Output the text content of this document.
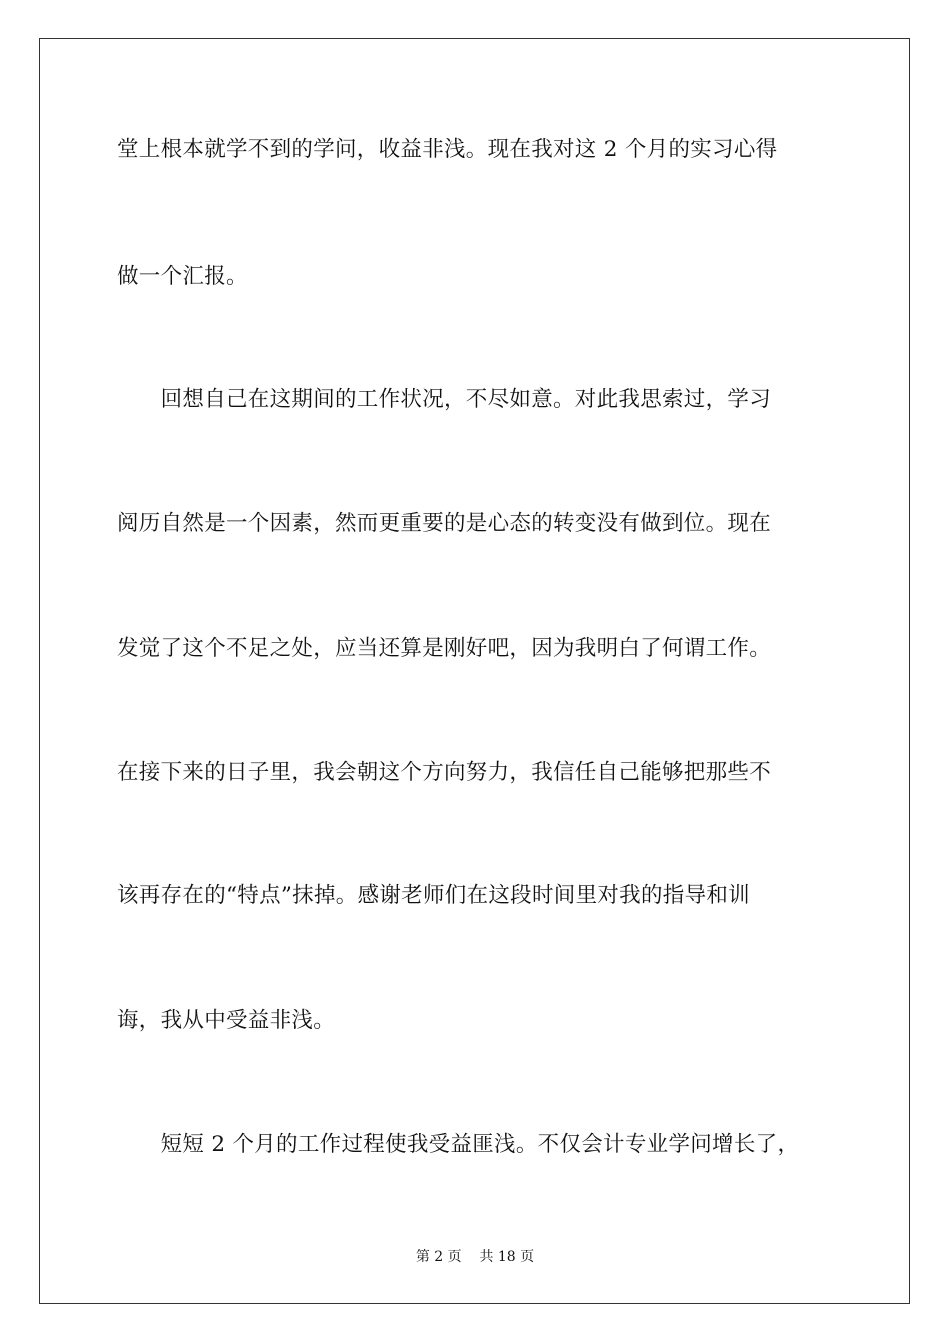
堂上根本就学不到的学问，收益非浅。现在我对这 2 个月的实习心得
做一个汇报。
　　回想自己在这期间的工作状况，不尽如意。对此我思索过，学习
阅历自然是一个因素，然而更重要的是心态的转变没有做到位。现在
发觉了这个不足之处，应当还算是刚好吧，因为我明白了何谓工作。
在接下来的日子里，我会朝这个方向努力，我信任自己能够把那些不
该再存在的“特点”抹掉。感谢老师们在这段时间里对我的指导和训
诲，我从中受益非浅。
　　短短 2 个月的工作过程使我受益匪浅。不仅会计专业学问增长了，
第 2 页 共 18 页
